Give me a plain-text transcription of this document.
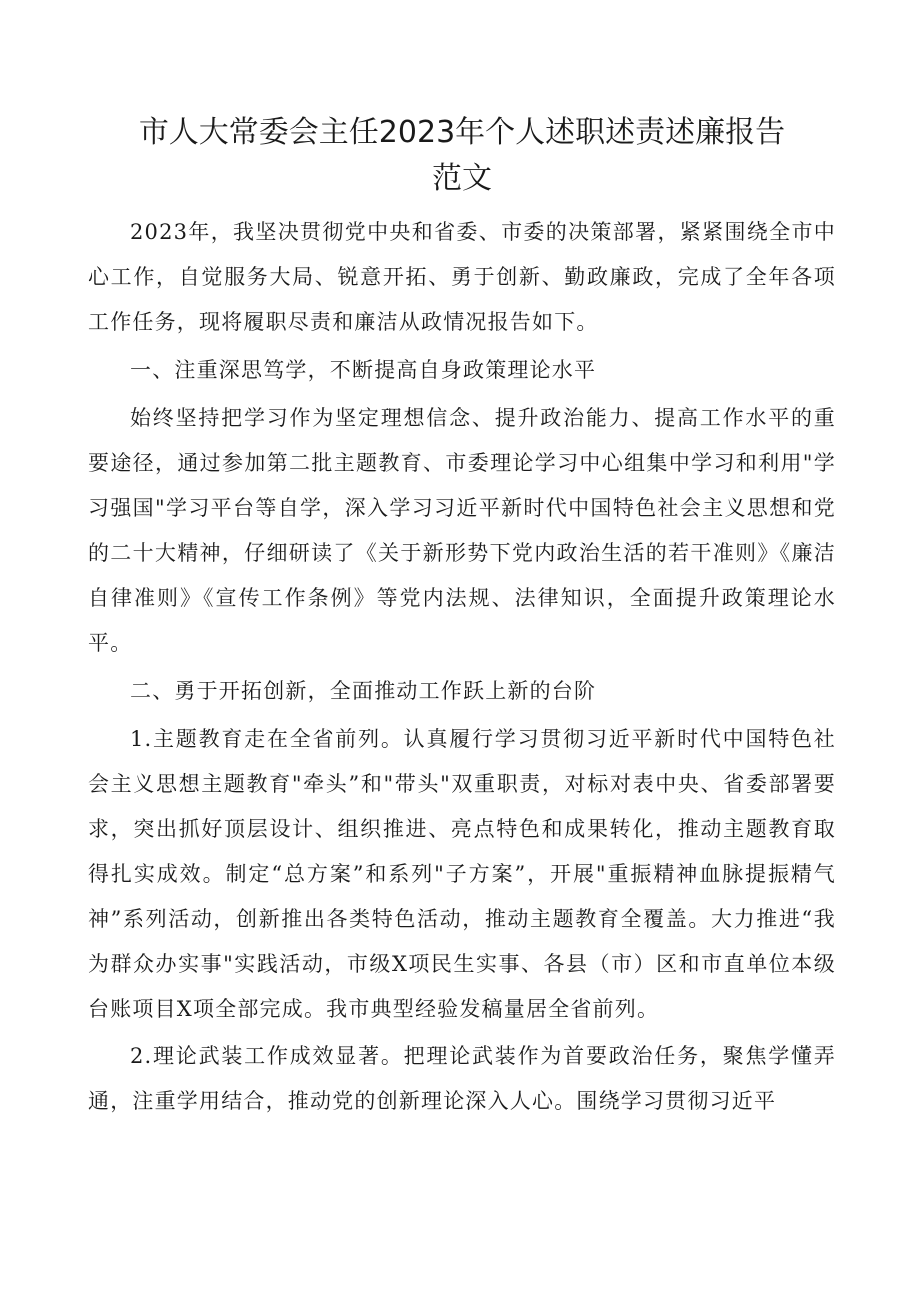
市人大常委会主任2023年个人述职述责述廉报告
范文

2023年，我坚决贯彻党中央和省委、市委的决策部署，紧紧围绕全市中心工作，自觉服务大局、锐意开拓、勇于创新、勤政廉政，完成了全年各项工作任务，现将履职尽责和廉洁从政情况报告如下。

一、注重深思笃学，不断提高自身政策理论水平

始终坚持把学习作为坚定理想信念、提升政治能力、提高工作水平的重要途径，通过参加第二批主题教育、市委理论学习中心组集中学习和利用"学习强国"学习平台等自学，深入学习习近平新时代中国特色社会主义思想和党的二十大精神，仔细研读了《关于新形势下党内政治生活的若干准则》《廉洁自律准则》《宣传工作条例》等党内法规、法律知识，全面提升政策理论水平。

二、勇于开拓创新，全面推动工作跃上新的台阶

1.主题教育走在全省前列。认真履行学习贯彻习近平新时代中国特色社会主义思想主题教育"牵头”和"带头"双重职责，对标对表中央、省委部署要求，突出抓好顶层设计、组织推进、亮点特色和成果转化，推动主题教育取得扎实成效。制定“总方案”和系列"子方案”，开展"重振精神血脉提振精气神”系列活动，创新推出各类特色活动，推动主题教育全覆盖。大力推进“我为群众办实事"实践活动，市级X项民生实事、各县（市）区和市直单位本级台账项目X项全部完成。我市典型经验发稿量居全省前列。

2.理论武装工作成效显著。把理论武装作为首要政治任务，聚焦学懂弄通，注重学用结合，推动党的创新理论深入人心。围绕学习贯彻习近平
